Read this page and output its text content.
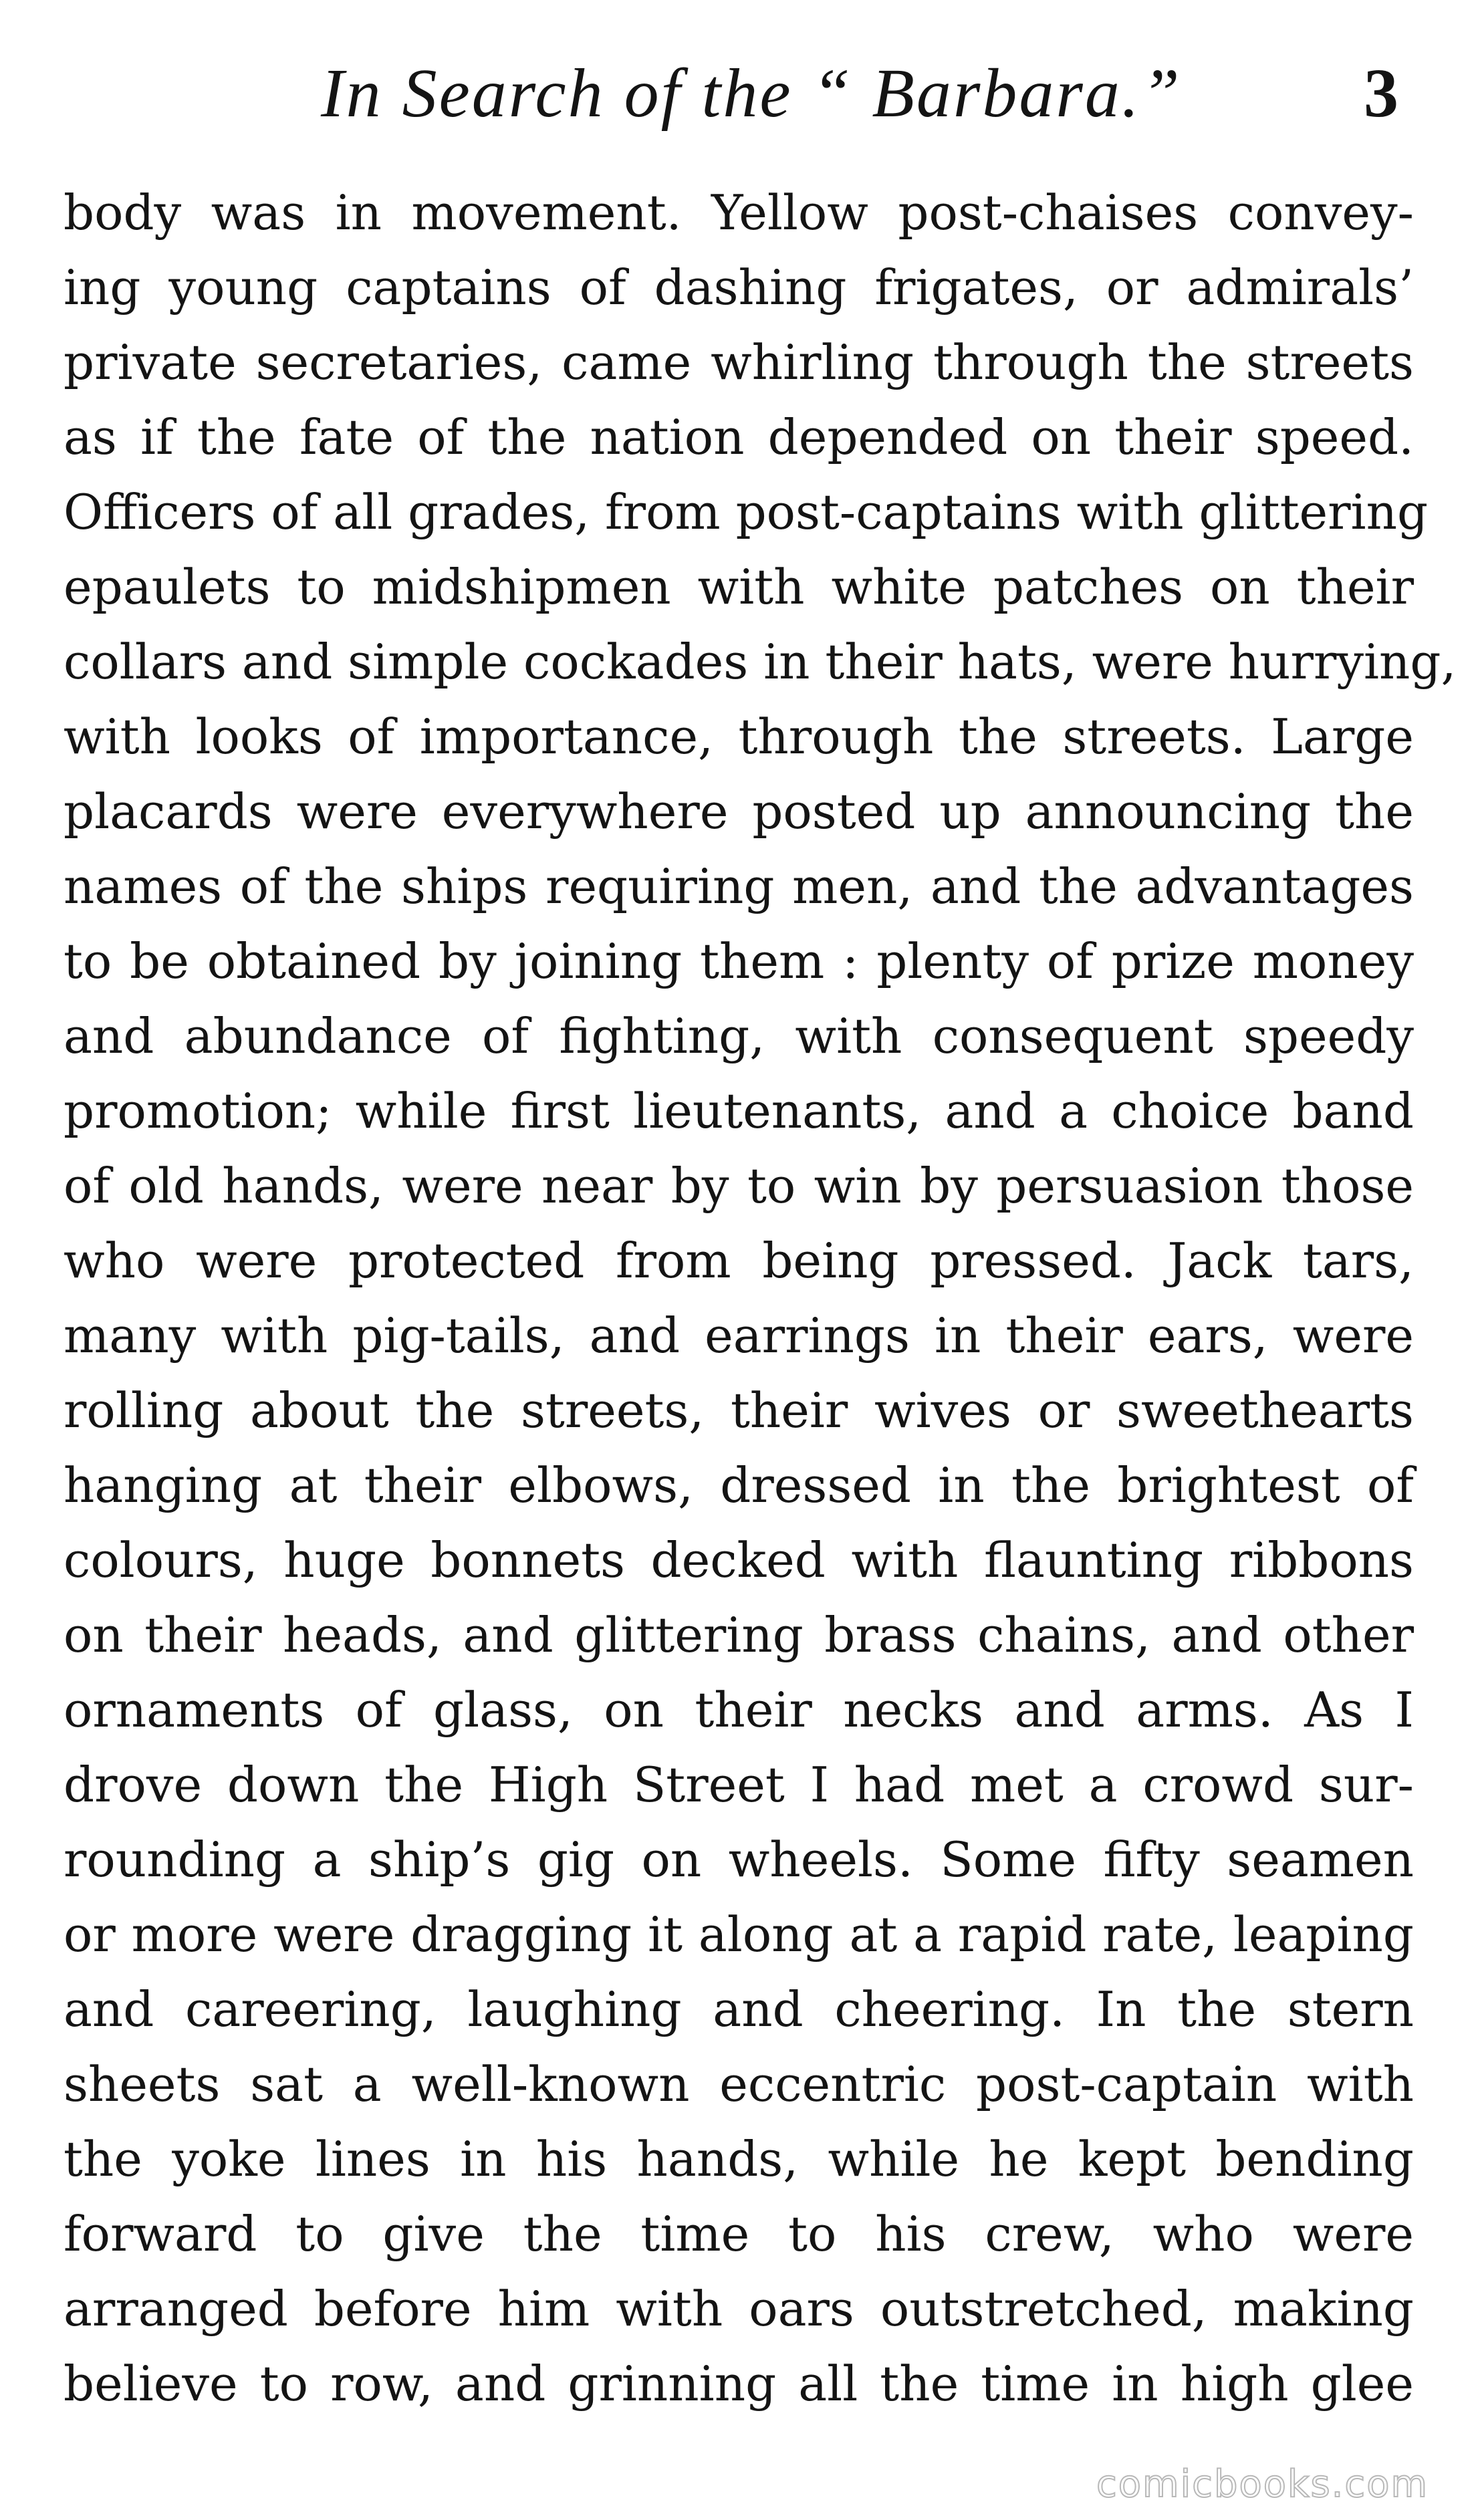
In Search of the “ Barbara.”	3
body was in movement. Yellow post-chaises convey-
ing young captains of dashing frigates, or admirals’
private secretaries, came whirling through the streets
as if the fate of the nation depended on their speed.
Officers of all grades, from post-captains with glittering
epaulets to midshipmen with white patches on their
collars and simple cockades in their hats, were hurrying,
with looks of importance, through the streets. Large
placards were everywhere posted up announcing the
names of the ships requiring men, and the advantages
to be obtained by joining them : plenty of prize money
and abundance of fighting, with consequent speedy
promotion; while first lieutenants, and a choice band
of old hands, were near by to win by persuasion those
who were protected from being pressed. Jack tars,
many with pig-tails, and earrings in their ears, were
rolling about the streets, their wives or sweethearts
hanging at their elbows, dressed in the brightest of
colours, huge bonnets decked with flaunting ribbons
on their heads, and glittering brass chains, and other
ornaments of glass, on their necks and arms. As I
drove down the High Street I had met a crowd sur-
rounding a ship’s gig on wheels. Some fifty seamen
or more were dragging it along at a rapid rate, leaping
and careering, laughing and cheering. In the stern
sheets sat a well-known eccentric post-captain with
the yoke lines in his hands, while he kept bending
forward to give the time to his crew, who were
arranged before him with oars outstretched, making
believe to row, and grinning all the time in high glee
comicbooks.com
